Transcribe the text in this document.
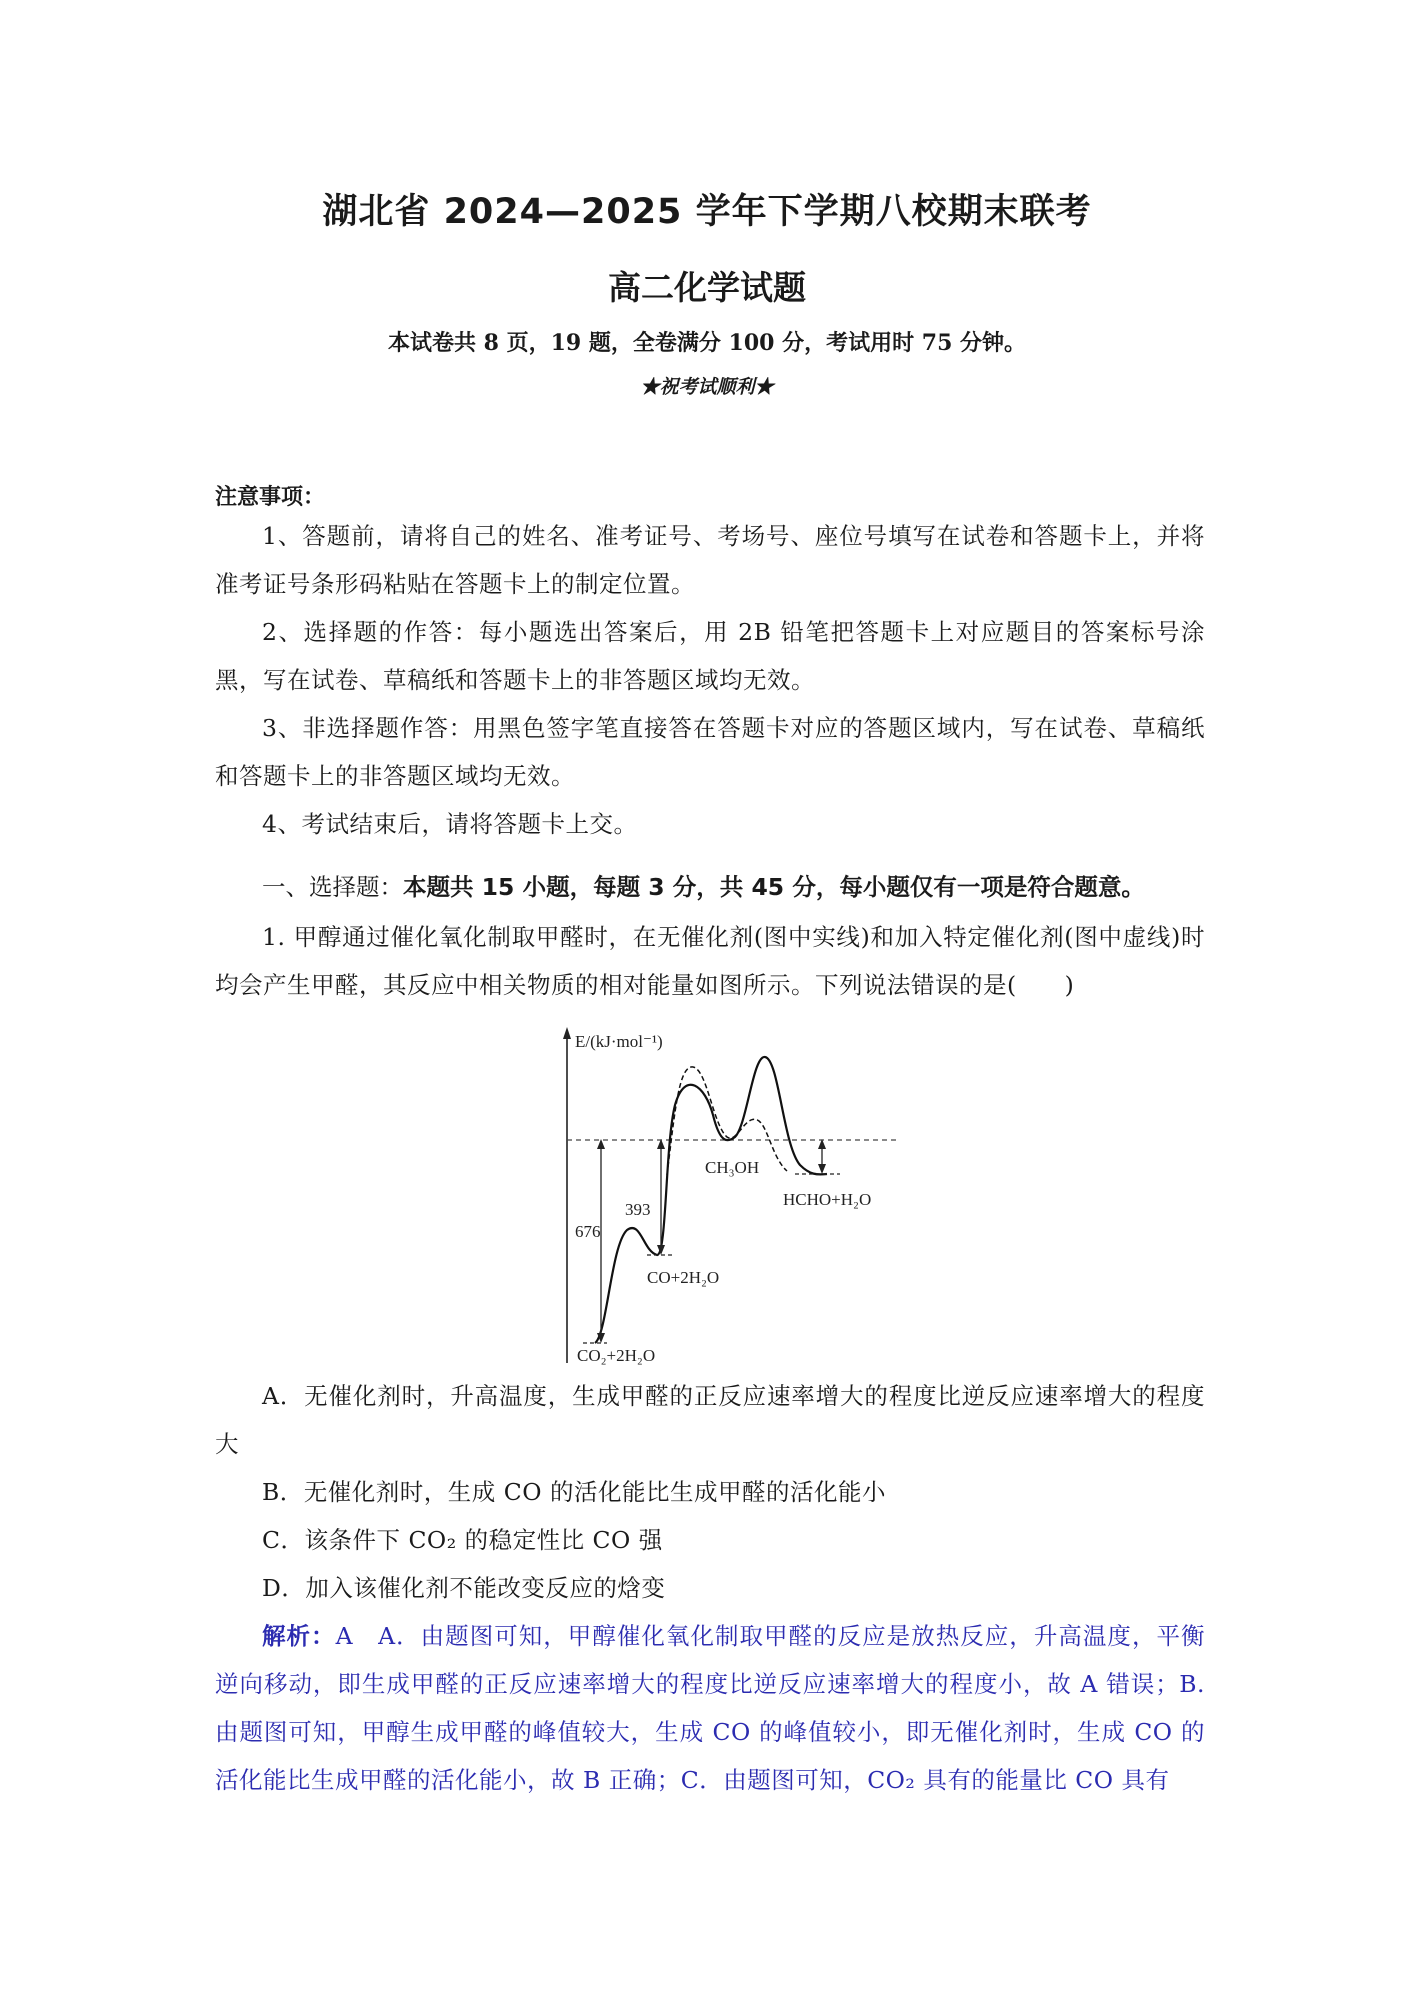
湖北省 2024—2025 学年下学期八校期末联考
高二化学试题
本试卷共 8 页，19 题，全卷满分 100 分，考试用时 75 分钟。
★祝考试顺利★
注意事项：
1、答题前，请将自己的姓名、准考证号、考场号、座位号填写在试卷和答题卡上，并将准考证号条形码粘贴在答题卡上的制定位置。
2、选择题的作答：每小题选出答案后，用 2B 铅笔把答题卡上对应题目的答案标号涂黑，写在试卷、草稿纸和答题卡上的非答题区域均无效。
3、非选择题作答：用黑色签字笔直接答在答题卡对应的答题区域内，写在试卷、草稿纸和答题卡上的非答题区域均无效。
4、考试结束后，请将答题卡上交。
一、选择题：本题共 15 小题，每题 3 分，共 45 分，每小题仅有一项是符合题意。
1. 甲醇通过催化氧化制取甲醛时，在无催化剂(图中实线)和加入特定催化剂(图中虚线)时均会产生甲醛，其反应中相关物质的相对能量如图所示。下列说法错误的是(　　)
E/(kJ·mol⁻¹)
676
393
CH₃OH
HCHO+H₂O
CO+2H₂O
CO₂+2H₂O
A．无催化剂时，升高温度，生成甲醛的正反应速率增大的程度比逆反应速率增大的程度大
B．无催化剂时，生成 CO 的活化能比生成甲醛的活化能小
C．该条件下 CO₂ 的稳定性比 CO 强
D．加入该催化剂不能改变反应的焓变
解析：A　A．由题图可知，甲醇催化氧化制取甲醛的反应是放热反应，升高温度，平衡逆向移动，即生成甲醛的正反应速率增大的程度比逆反应速率增大的程度小，故 A 错误；B.由题图可知，甲醇生成甲醛的峰值较大，生成 CO 的峰值较小，即无催化剂时，生成 CO 的活化能比生成甲醛的活化能小，故 B 正确；C．由题图可知，CO₂ 具有的能量比 CO 具有
